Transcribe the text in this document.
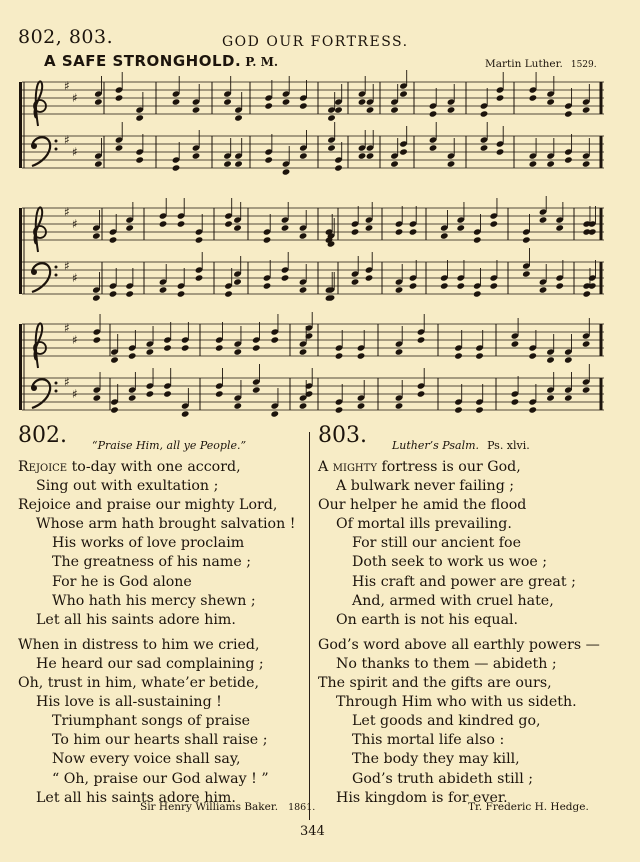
802, 803.	GOD OUR FORTRESS.
A SAFE STRONGHOLD. P. M.	Martin Luther. 1529.
♯
♯
♯
♯
♯
♯
♯
♯
♯
♯
♯
♯
802. “Praise Him, all ye People.”
Rejoice to-day with one accord,
Sing out with exultation ;
Rejoice and praise our mighty Lord,
Whose arm hath brought salvation !
His works of love proclaim
The greatness of his name ;
For he is God alone
Who hath his mercy shewn ;
Let all his saints adore him.
When in distress to him we cried,
He heard our sad complaining ;
Oh, trust in him, whate’er betide,
His love is all-sustaining !
Triumphant songs of praise
To him our hearts shall raise ;
Now every voice shall say,
“ Oh, praise our God alway ! ”
Let all his saints adore him.
803. Luther’s Psalm. Ps. xlvi.
A mighty fortress is our God,
A bulwark never failing ;
Our helper he amid the flood
Of mortal ills prevailing.
For still our ancient foe
Doth seek to work us woe ;
His craft and power are great ;
And, armed with cruel hate,
On earth is not his equal.
God’s word above all earthly powers —
No thanks to them — abideth ;
The spirit and the gifts are ours,
Through Him who with us sideth.
Let goods and kindred go,
This mortal life also :
The body they may kill,
God’s truth abideth still ;
His kingdom is for ever.
Sir Henry Williams Baker. 1861.	Tr. Frederic H. Hedge.
344
